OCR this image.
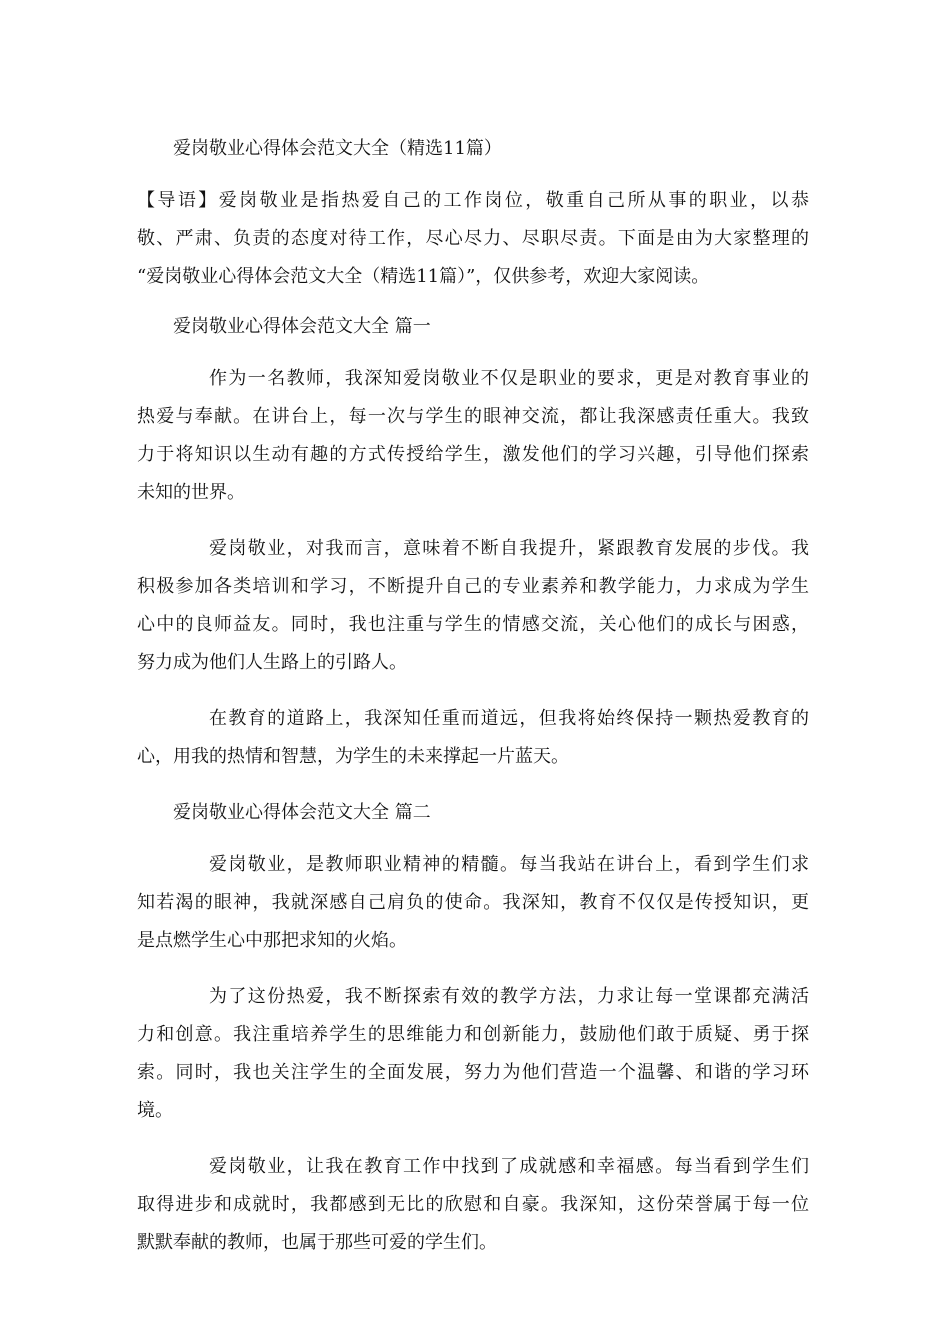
爱岗敬业心得体会范文大全（精选11篇）
【导语】爱岗敬业是指热爱自己的工作岗位，敬重自己所从事的职业，以恭
敬、严肃、负责的态度对待工作，尽心尽力、尽职尽责。下面是由为大家整理的
“爱岗敬业心得体会范文大全（精选11篇）”，仅供参考，欢迎大家阅读。
爱岗敬业心得体会范文大全 篇一
作为一名教师，我深知爱岗敬业不仅是职业的要求，更是对教育事业的
热爱与奉献。在讲台上，每一次与学生的眼神交流，都让我深感责任重大。我致
力于将知识以生动有趣的方式传授给学生，激发他们的学习兴趣，引导他们探索
未知的世界。
爱岗敬业，对我而言，意味着不断自我提升，紧跟教育发展的步伐。我
积极参加各类培训和学习，不断提升自己的专业素养和教学能力，力求成为学生
心中的良师益友。同时，我也注重与学生的情感交流，关心他们的成长与困惑，
努力成为他们人生路上的引路人。
在教育的道路上，我深知任重而道远，但我将始终保持一颗热爱教育的
心，用我的热情和智慧，为学生的未来撑起一片蓝天。
爱岗敬业心得体会范文大全 篇二
爱岗敬业，是教师职业精神的精髓。每当我站在讲台上，看到学生们求
知若渴的眼神，我就深感自己肩负的使命。我深知，教育不仅仅是传授知识，更
是点燃学生心中那把求知的火焰。
为了这份热爱，我不断探索有效的教学方法，力求让每一堂课都充满活
力和创意。我注重培养学生的思维能力和创新能力，鼓励他们敢于质疑、勇于探
索。同时，我也关注学生的全面发展，努力为他们营造一个温馨、和谐的学习环
境。
爱岗敬业，让我在教育工作中找到了成就感和幸福感。每当看到学生们
取得进步和成就时，我都感到无比的欣慰和自豪。我深知，这份荣誉属于每一位
默默奉献的教师，也属于那些可爱的学生们。
